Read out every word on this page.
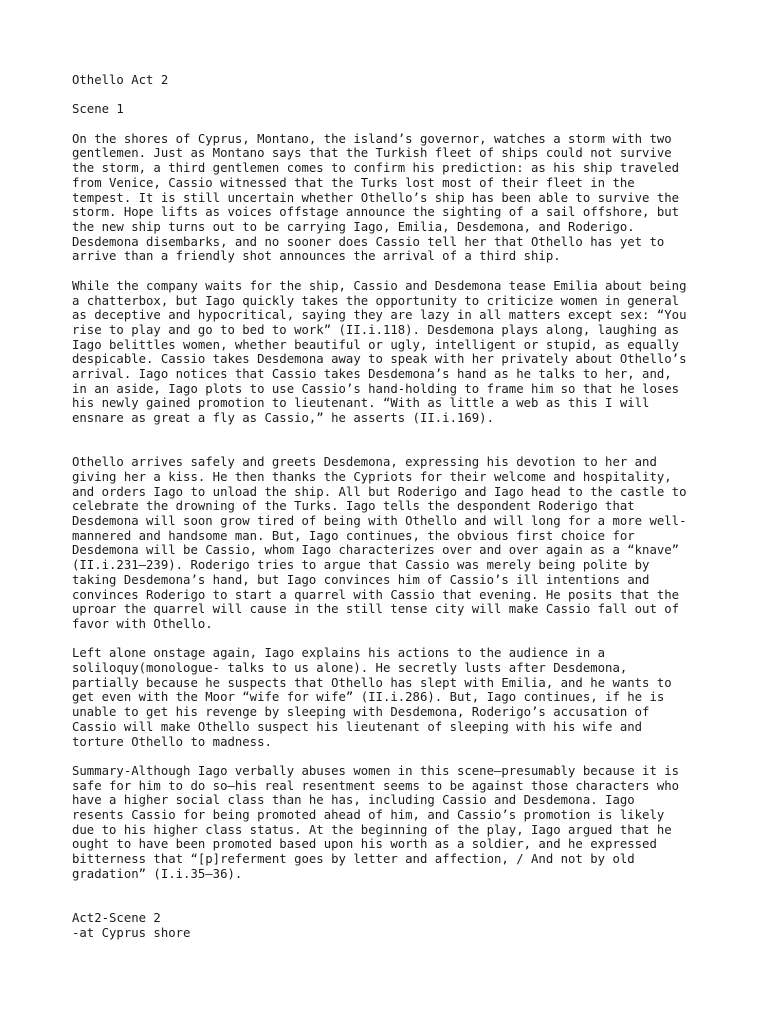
Othello Act 2

Scene 1

On the shores of Cyprus, Montano, the island’s governor, watches a storm with two
gentlemen. Just as Montano says that the Turkish fleet of ships could not survive
the storm, a third gentlemen comes to confirm his prediction: as his ship traveled
from Venice, Cassio witnessed that the Turks lost most of their fleet in the
tempest. It is still uncertain whether Othello’s ship has been able to survive the
storm. Hope lifts as voices offstage announce the sighting of a sail offshore, but
the new ship turns out to be carrying Iago, Emilia, Desdemona, and Roderigo.
Desdemona disembarks, and no sooner does Cassio tell her that Othello has yet to
arrive than a friendly shot announces the arrival of a third ship.

While the company waits for the ship, Cassio and Desdemona tease Emilia about being
a chatterbox, but Iago quickly takes the opportunity to criticize women in general
as deceptive and hypocritical, saying they are lazy in all matters except sex: “You
rise to play and go to bed to work” (II.i.118). Desdemona plays along, laughing as
Iago belittles women, whether beautiful or ugly, intelligent or stupid, as equally
despicable. Cassio takes Desdemona away to speak with her privately about Othello’s
arrival. Iago notices that Cassio takes Desdemona’s hand as he talks to her, and,
in an aside, Iago plots to use Cassio’s hand-holding to frame him so that he loses
his newly gained promotion to lieutenant. “With as little a web as this I will
ensnare as great a fly as Cassio,” he asserts (II.i.169).

Othello arrives safely and greets Desdemona, expressing his devotion to her and
giving her a kiss. He then thanks the Cypriots for their welcome and hospitality,
and orders Iago to unload the ship. All but Roderigo and Iago head to the castle to
celebrate the drowning of the Turks. Iago tells the despondent Roderigo that
Desdemona will soon grow tired of being with Othello and will long for a more well-
mannered and handsome man. But, Iago continues, the obvious first choice for
Desdemona will be Cassio, whom Iago characterizes over and over again as a “knave”
(II.i.231–239). Roderigo tries to argue that Cassio was merely being polite by
taking Desdemona’s hand, but Iago convinces him of Cassio’s ill intentions and
convinces Roderigo to start a quarrel with Cassio that evening. He posits that the
uproar the quarrel will cause in the still tense city will make Cassio fall out of
favor with Othello.

Left alone onstage again, Iago explains his actions to the audience in a
soliloquy(monologue- talks to us alone). He secretly lusts after Desdemona,
partially because he suspects that Othello has slept with Emilia, and he wants to
get even with the Moor “wife for wife” (II.i.286). But, Iago continues, if he is
unable to get his revenge by sleeping with Desdemona, Roderigo’s accusation of
Cassio will make Othello suspect his lieutenant of sleeping with his wife and
torture Othello to madness.

Summary-Although Iago verbally abuses women in this scene—presumably because it is
safe for him to do so—his real resentment seems to be against those characters who
have a higher social class than he has, including Cassio and Desdemona. Iago
resents Cassio for being promoted ahead of him, and Cassio’s promotion is likely
due to his higher class status. At the beginning of the play, Iago argued that he
ought to have been promoted based upon his worth as a soldier, and he expressed
bitterness that “[p]referment goes by letter and affection, / And not by old
gradation” (I.i.35–36).

Act2-Scene 2

-at Cyprus shore
